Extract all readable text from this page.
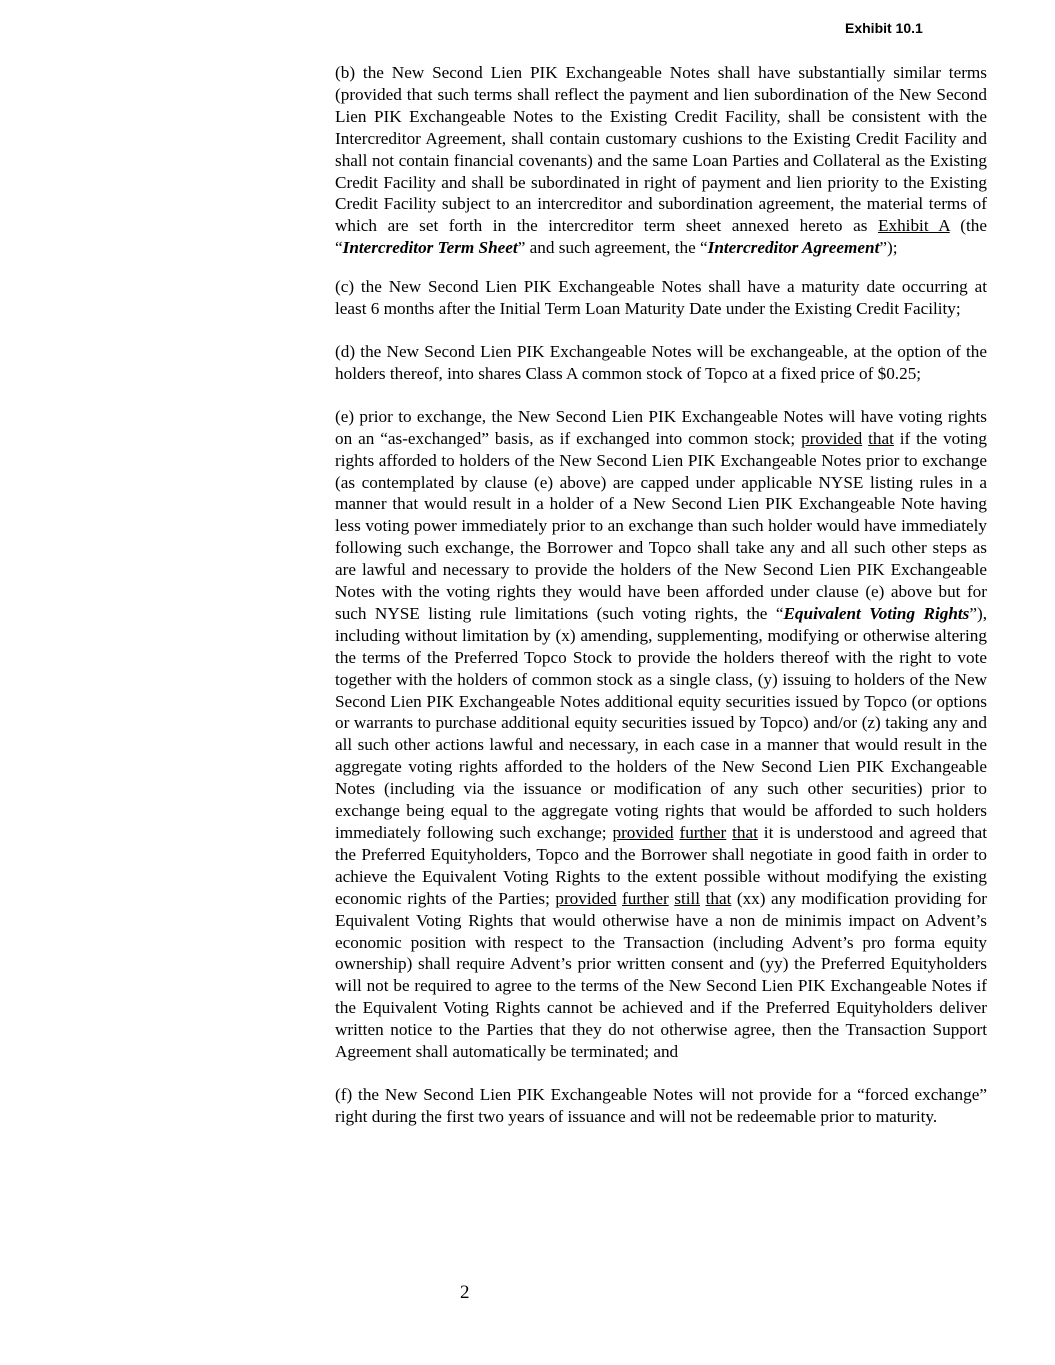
Exhibit 10.1

(b) the New Second Lien PIK Exchangeable Notes shall have substantially similar terms (provided that such terms shall reflect the payment and lien subordination of the New Second Lien PIK Exchangeable Notes to the Existing Credit Facility, shall be consistent with the Intercreditor Agreement, shall contain customary cushions to the Existing Credit Facility and shall not contain financial covenants) and the same Loan Parties and Collateral as the Existing Credit Facility and shall be subordinated in right of payment and lien priority to the Existing Credit Facility subject to an intercreditor and subordination agreement, the material terms of which are set forth in the intercreditor term sheet annexed hereto as Exhibit A (the “Intercreditor Term Sheet” and such agreement, the “Intercreditor Agreement”);

(c) the New Second Lien PIK Exchangeable Notes shall have a maturity date occurring at least 6 months after the Initial Term Loan Maturity Date under the Existing Credit Facility;

(d) the New Second Lien PIK Exchangeable Notes will be exchangeable, at the option of the holders thereof, into shares Class A common stock of Topco at a fixed price of $0.25;

(e) prior to exchange, the New Second Lien PIK Exchangeable Notes will have voting rights on an “as-exchanged” basis, as if exchanged into common stock; provided that if the voting rights afforded to holders of the New Second Lien PIK Exchangeable Notes prior to exchange (as contemplated by clause (e) above) are capped under applicable NYSE listing rules in a manner that would result in a holder of a New Second Lien PIK Exchangeable Note having less voting power immediately prior to an exchange than such holder would have immediately following such exchange, the Borrower and Topco shall take any and all such other steps as are lawful and necessary to provide the holders of the New Second Lien PIK Exchangeable Notes with the voting rights they would have been afforded under clause (e) above but for such NYSE listing rule limitations (such voting rights, the “Equivalent Voting Rights”), including without limitation by (x) amending, supplementing, modifying or otherwise altering the terms of the Preferred Topco Stock to provide the holders thereof with the right to vote together with the holders of common stock as a single class, (y) issuing to holders of the New Second Lien PIK Exchangeable Notes additional equity securities issued by Topco (or options or warrants to purchase additional equity securities issued by Topco) and/or (z) taking any and all such other actions lawful and necessary, in each case in a manner that would result in the aggregate voting rights afforded to the holders of the New Second Lien PIK Exchangeable Notes (including via the issuance or modification of any such other securities) prior to exchange being equal to the aggregate voting rights that would be afforded to such holders immediately following such exchange; provided further that it is understood and agreed that the Preferred Equityholders, Topco and the Borrower shall negotiate in good faith in order to achieve the Equivalent Voting Rights to the extent possible without modifying the existing economic rights of the Parties; provided further still that (xx) any modification providing for Equivalent Voting Rights that would otherwise have a non de minimis impact on Advent’s economic position with respect to the Transaction (including Advent’s pro forma equity ownership) shall require Advent’s prior written consent and (yy) the Preferred Equityholders will not be required to agree to the terms of the New Second Lien PIK Exchangeable Notes if the Equivalent Voting Rights cannot be achieved and if the Preferred Equityholders deliver written notice to the Parties that they do not otherwise agree, then the Transaction Support Agreement shall automatically be terminated; and

(f) the New Second Lien PIK Exchangeable Notes will not provide for a “forced exchange” right during the first two years of issuance and will not be redeemable prior to maturity.

2
